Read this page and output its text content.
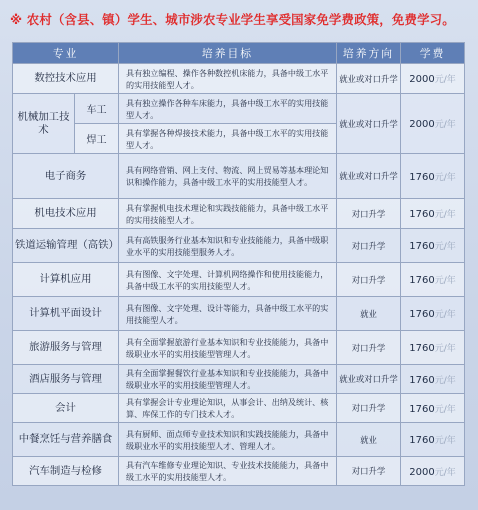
※ 农村（含县、镇）学生、城市涉农专业学生享受国家免学费政策，免费学习。
专业		培养目标	培养方向	学费
数控技术应用		具有独立编程、操作各种数控机床能力，具备中级工水平的实用技能型人才。	就业或对口升学	2000元/年
机械加工技术	车工	具有独立操作各种车床能力，具备中级工水平的实用技能型人才。	就业或对口升学	2000元/年
	焊工	具有掌握各种焊接技术能力，具备中级工水平的实用技能型人才。		
电子商务		具有网络营销、网上支付、物流、网上贸易等基本理论知识和操作能力，具备中级工水平的实用技能型人才。	就业或对口升学	1760元/年
机电技术应用		具有掌握机电技术理论和实践技能能力，具备中级工水平的实用技能型人才。	对口升学	1760元/年
铁道运输管理（高铁）		具有高铁服务行业基本知识和专业技能能力，具备中级职业水平的实用技能型服务人才。	对口升学	1760元/年
计算机应用		具有图像、文字处理、计算机网络操作和使用技能能力，具备中级工水平的实用技能型人才。	对口升学	1760元/年
计算机平面设计		具有图像、文字处理、设计等能力，具备中级工水平的实用技能型人才。	就业	1760元/年
旅游服务与管理		具有全面掌握旅游行业基本知识和专业技能能力，具备中级职业水平的实用技能型管理人才。	对口升学	1760元/年
酒店服务与管理		具有全面掌握餐饮行业基本知识和专业技能能力，具备中级职业水平的实用技能型管理人才。	就业或对口升学	1760元/年
会计		具有掌握会计专业理论知识，从事会计、出纳及统计、核算、库保工作的专门技术人才。	对口升学	1760元/年
中餐烹饪与营养膳食		具有厨师、面点师专业技术知识和实践技能能力，具备中级职业水平的实用技能型人才、管理人才。	就业	1760元/年
汽车制造与检修		具有汽车维修专业理论知识、专业技术技能能力，具备中级工水平的实用技能型人才。	对口升学	2000元/年
